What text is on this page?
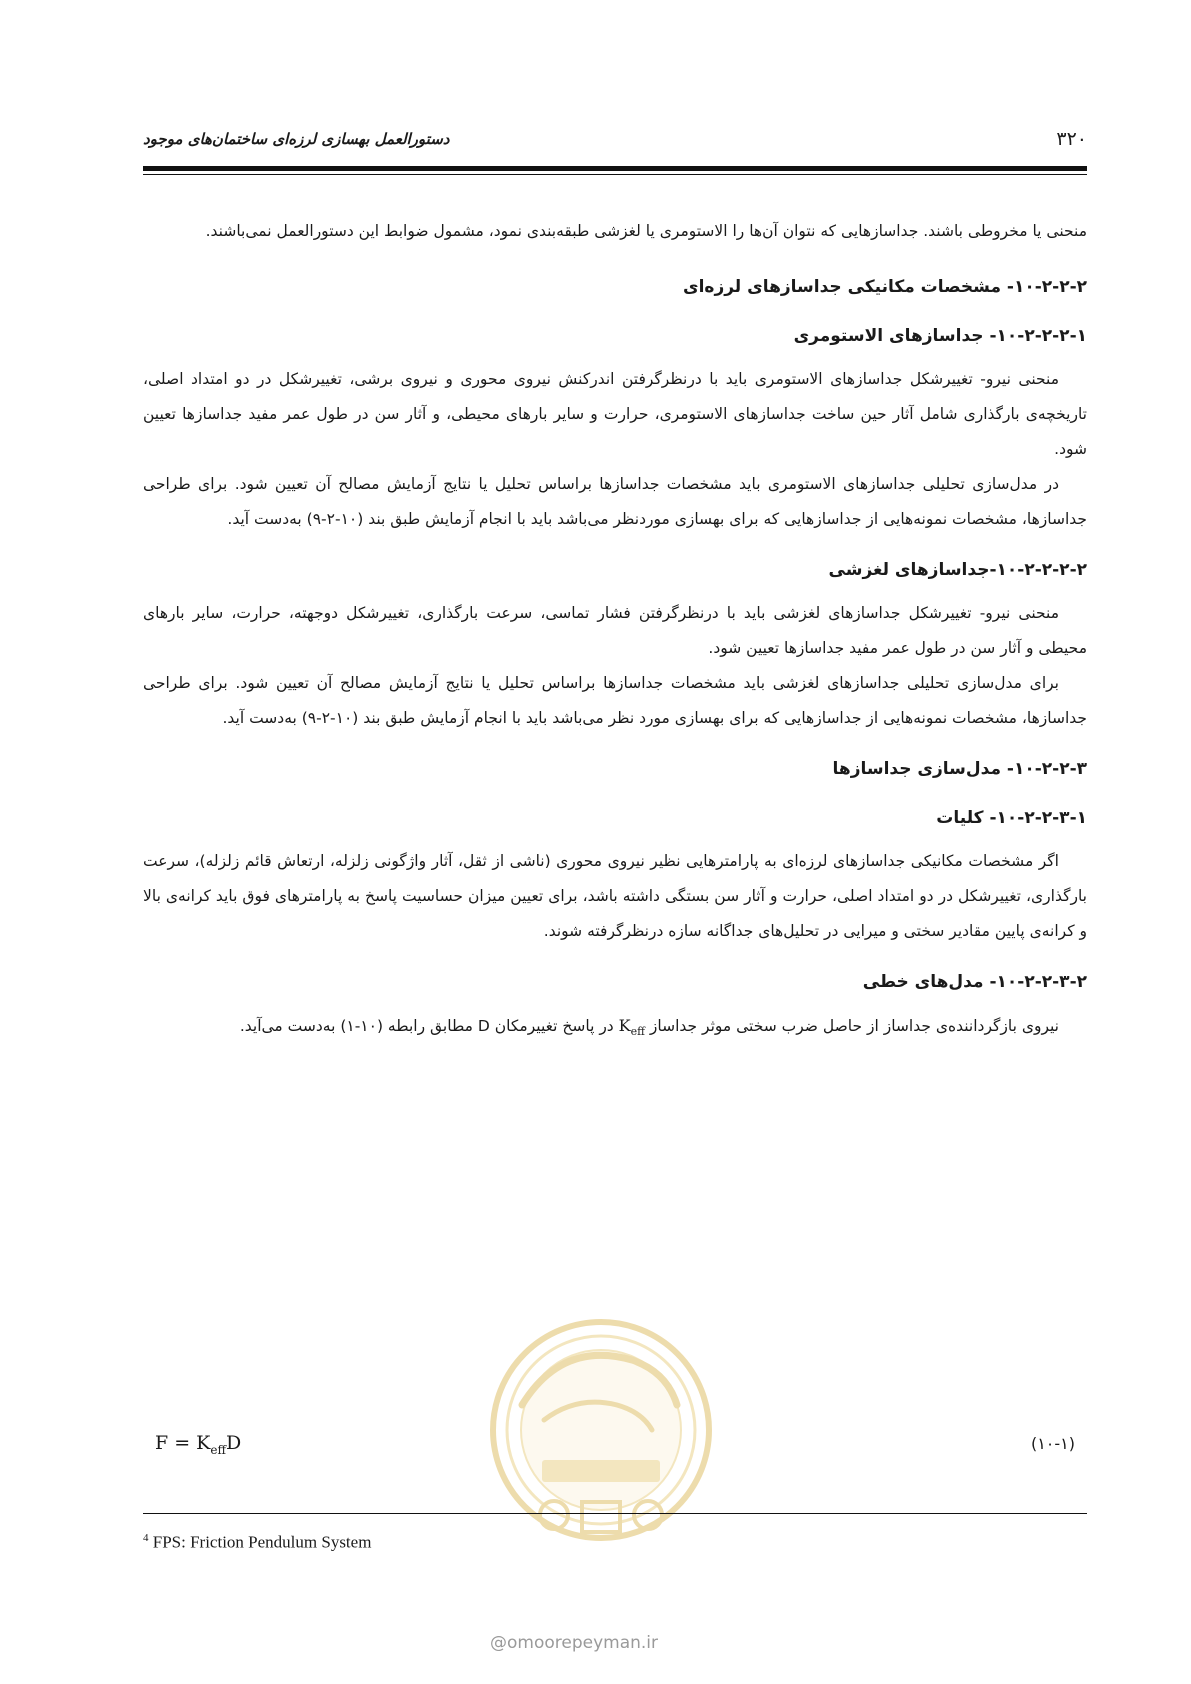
۳۲۰
دستورالعمل بهسازی لرزه‌ای ساختمان‌های موجود

منحنی یا مخروطی باشند. جداسازهایی که نتوان آن‌ها را الاستومری یا لغزشی طبقه‌بندی نمود، مشمول ضوابط این دستورالعمل نمی‌باشند.

۱۰-۲-۲-۲- مشخصات مکانیکی جداسازهای لرزه‌ای
۱۰-۲-۲-۲-۱- جداسازهای الاستومری

منحنی نیرو- تغییرشکل جداسازهای الاستومری باید با درنظرگرفتن اندرکنش نیروی محوری و نیروی برشی، تغییرشکل در دو امتداد اصلی، تاریخچه‌ی بارگذاری شامل آثار حین ساخت جداسازهای الاستومری، حرارت و سایر بارهای محیطی، و آثار سن در طول عمر مفید جداسازها تعیین شود.

در مدل‌سازی تحلیلی جداسازهای الاستومری باید مشخصات جداسازها براساس تحلیل یا نتایج آزمایش مصالح آن تعیین شود. برای طراحی جداسازها، مشخصات نمونه‌هایی از جداسازهایی که برای بهسازی موردنظر می‌باشد باید با انجام آزمایش طبق بند (۱۰-۲-۹) به‌دست آید.

۱۰-۲-۲-۲-۲-جداسازهای لغزشی

منحنی نیرو- تغییرشکل جداسازهای لغزشی باید با درنظرگرفتن فشار تماسی، سرعت بارگذاری، تغییرشکل دوجهته، حرارت، سایر بارهای محیطی و آثار سن در طول عمر مفید جداسازها تعیین شود.

برای مدل‌سازی تحلیلی جداسازهای لغزشی باید مشخصات جداسازها براساس تحلیل یا نتایج آزمایش مصالح آن تعیین شود. برای طراحی جداسازها، مشخصات نمونه‌هایی از جداسازهایی که برای بهسازی مورد نظر می‌باشد باید با انجام آزمایش طبق بند (۱۰-۲-۹) به‌دست آید.

۱۰-۲-۲-۳- مدل‌سازی جداسازها
۱۰-۲-۲-۳-۱- کلیات

اگر مشخصات مکانیکی جداسازهای لرزه‌ای به پارامترهایی نظیر نیروی محوری (ناشی از ثقل، آثار واژگونی زلزله، ارتعاش قائم زلزله)، سرعت بارگذاری، تغییرشکل در دو امتداد اصلی، حرارت و آثار سن بستگی داشته باشد، برای تعیین میزان حساسیت پاسخ به پارامترهای فوق باید کرانه‌ی بالا و کرانه‌ی پایین مقادیر سختی و میرایی در تحلیل‌های جداگانه سازه درنظرگرفته شوند.

۱۰-۲-۲-۳-۲- مدل‌های خطی

نیروی بازگرداننده‌ی جداساز از حاصل ضرب سختی موثر جداساز $K_{eff}$ در پاسخ تغییرمکان D مطابق رابطه (۱۰-۱) به‌دست می‌آید.

$F = K_{eff}D$	(۱۰-۱)
@omoorepeyman.ir
$^4$ FPS: Friction Pendulum System
